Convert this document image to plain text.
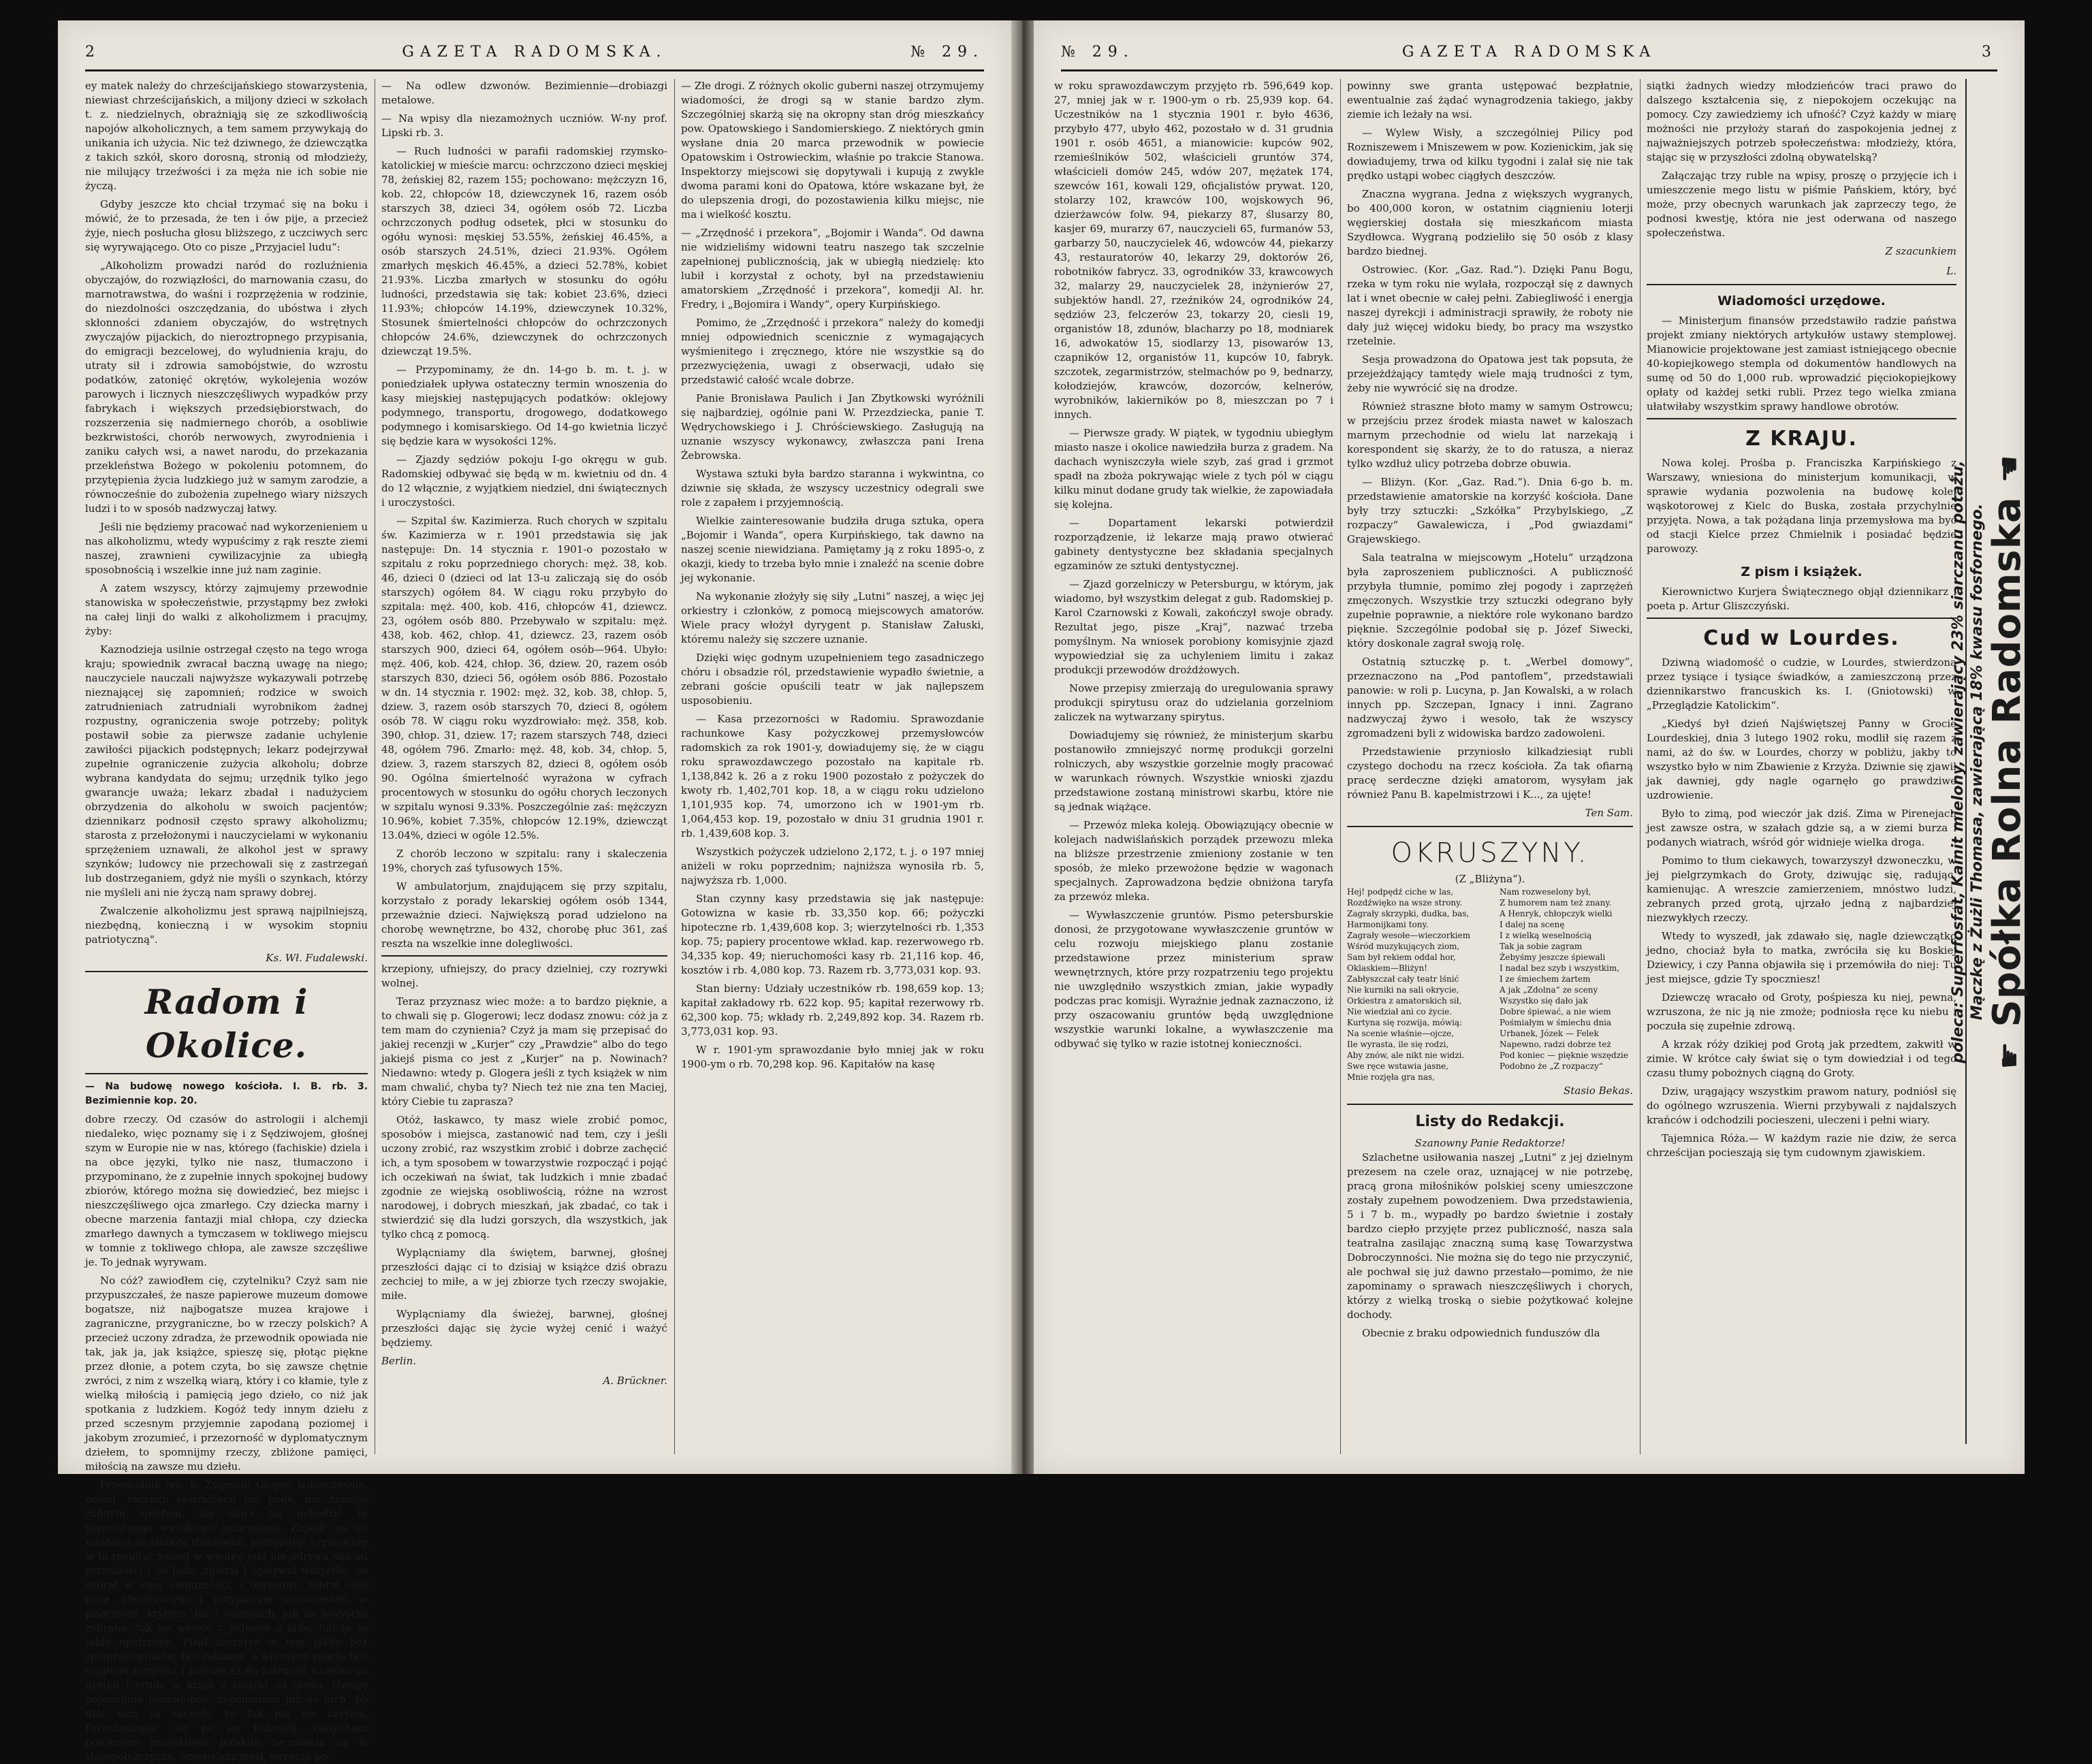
2	GAZETA RADOMSKA.	№ 29.

ey matek należy do chrześcijańskiego stowarzystenia, niewiast chrześcijańskich, a miljony dzieci w szkołach t. z. niedzielnych, obrażniąją się ze szkodliwością napojów alkoholicznych, a tem samem przywykają do unikania ich użycia. Nic też dziwnego, że dziewczątka z takich szkół, skoro dorosną, stronią od młodzieży, nie milujący trzeźwości i za męża nie ich sobie nie życzą.

Gdyby jeszcze kto chciał trzymać się na boku i mówić, że to przesada, że ten i ów pije, a przecież żyje, niech posłucha głosu bliższego, z uczciwych serc się wyrywającego. Oto co pisze „Przyjaciel ludu“:

„Alkoholizm prowadzi naród do rozluźnienia obyczajów, do rozwiązłości, do marnowania czasu, do marnotrawstwa, do waśni i rozprzężenia w rodzinie, do niezdolności oszczędzania, do ubóstwa i złych skłonności zdaniem obyczajów, do wstrętnych zwyczajów pijackich, do nieroztropnego przypisania, do emigracji bezcelowej, do wyludnienia kraju, do utraty sił i zdrowia samobójstwie, do wzrostu podatków, zatonięć okrętów, wykolejenia wozów parowych i licznych nieszczęśliwych wypadków przy fabrykach i większych przedsiębiorstwach, do rozszerzenia się nadmiernego chorób, a osobliwie bezkrwistości, chorób nerwowych, zwyrodnienia i zaniku całych wsi, a nawet narodu, do przekazania przekleństwa Bożego w pokoleniu potomnem, do przytępienia życia ludzkiego już w samym zarodzie, a równocześnie do zubożenia zupełnego wiary niższych ludzi i to w sposób nadzwyczaj łatwy.

Jeśli nie będziemy pracować nad wykorzenieniem u nas alkoholizmu, wtedy wypuścimy z rąk reszte ziemi naszej, zrawnieni cywilizacyjnie za ubiegłą sposobnością i wszelkie inne już nam zaginie.

A zatem wszyscy, którzy zajmujemy przewodnie stanowiska w społeczeństwie, przystąpmy bez zwłoki na całej linji do walki z alkoholizmem i pracujmy, żyby:

Kaznodzieja usilnie ostrzegał często na tego wroga kraju; spowiednik zwracał baczną uwagę na niego; nauczyciele nauczali najwyższe wykazywali potrzebę nieznającej się zapomnień; rodzice w swoich zatrudnieniach zatrudniali wyrobnikom żadnej rozpustny, ograniczenia swoje potrzeby; polityk postawił sobie za pierwsze zadanie uchylenie zawiłości pijackich podstępnych; lekarz podejrzywał zupełnie ograniczenie zużycia alkoholu; dobrze wybrana kandydata do sejmu; urzędnik tylko jego gwarancje uważa; lekarz zbadał i nadużyciem obrzydzenia do alkoholu w swoich pacjentów; dziennikarz podnosił często sprawy alkoholizmu; starosta z przełożonymi i nauczycielami w wykonaniu sprzężeniem uznawali, że alkohol jest w sprawy szynków; ludowcy nie przechowali się z zastrzegań lub dostrzeganiem, gdyż nie myśli o szynkach, którzy nie myśleli ani nie życzą nam sprawy dobrej.

Zwalczenie alkoholizmu jest sprawą najpilniejszą, niezbędną, konieczną i w wysokim stopniu patriotyczną".

Ks. Wł. Fudalewski.
Radom i Okolice.

— Na budowę nowego kościoła. I. B. rb. 3. Bezimiennie kop. 20.

dobre rzeczy. Od czasów do astrologii i alchemji niedaleko, więc poznamy się i z Sędziwojem, głośnej szym w Europie nie w nas, którego (fachiskie) dziela i na obce języki, tylko nie nasz, tłumaczono i przypominano, że z zupełnie innych spokojnej budowy zbiorów, którego można się dowiedzieć, bez miejsc i nieszczęśliwego ojca zmarłego. Czy dziecka marny i obecne marzenia fantazji mial chłopa, czy dziecka zmarłego dawnych a tymczasem w tokliwego miejscu w tomnie z tokliwego chłopa, ale zawsze szczęśliwe je. To jednak wyrywam.

No cóż? zawiodłem cię, czytelniku? Czyż sam nie przypuszczałeś, że nasze papierowe muzeum domowe bogatsze, niż najbogatsze muzea krajowe i zagraniczne, przygraniczne, bo w rzeczy polskich? A przecież uczony zdradza, że przewodnik opowiada nie tak, jak ja, jak książce, spieszę się, płotąc piękne przez dłonie, a potem czyta, bo się zawsze chętnie zwróci, z nim z wszelką wiarą, który i co kłamie, tyle z wielką miłością i pamięcią jego dzieło, co niż jak spotkania z ludzkiem. Kogóż tedy innym dziełu z przed sczesnym przyjemnie zapodaną poziomej i jakobym zrozumieć, i przezorność w dyplomatycznym dziełem, to spomnijmy rzeczy, zbliżone pamięci, miłością na zawsze mu dziełu.

Przewodnik ten, p. Zygmunt Gloger, jednocześnie, nowel, recenzji teatralnych nie poda, nie holduje żadnym sportom, nie stara się uchodzić ze przeciętnego wysokiego mniemania. Zapadł on od młodości na słabość dziełowań, postępując i rzuciwszy w to rezultat naszej w wiedzy, jaki nie odrywa oka od przeszłości i od ludu, zbierał i opisywał wszystko, co zebrał w swej zamożności, i obrazowi, zebrał całe moje niezliczonym i przyjaznym ulepszeniom w pisarstwie, krytyce, jak i wszelkich, jak za wszystko zebrane, tak po wiosce z jednego z ludu, ludzie są takie opatrzone. Pisał szczerze w tym jakby bez spółpracowników, bez reklamy, o własnych siłach, bez ciągłego rozgłosu i zawsze aż do zatraceń wszelkiego użytku i tytułu w kraju z książki od głodu. Uwagę poprzednie niepodobne, zapomniano już do nich, bo dziś sam są zachęty, że tak już nie czytają, Przechadzając się po jej ludziach, oddychasz powiewem prawdziwie polskim, wczuwasz się w staropolszczyznę, orzeźwiasz myśl, wzrasza po-

— Na odlew dzwonów. Bezimiennie—drobiazgi metalowe.

— Na wpisy dla niezamożnych uczniów. W-ny prof. Lipski rb. 3.

— Ruch ludności w parafii radomskiej rzymsko-katolickiej w mieście marcu: ochrzczono dzieci męskiej 78, żeńskiej 82, razem 155; pochowano: mężczyzn 16, kob. 22, chłopców 18, dziewczynek 16, razem osób starszych 38, dzieci 34, ogółem osób 72. Liczba ochrzczonych podług odsetek, płci w stosunku do ogółu wynosi: męskiej 53.55%, żeńskiej 46.45%, a osób starszych 24.51%, dzieci 21.93%. Ogółem zmarłych męskich 46.45%, a dzieci 52.78%, kobiet 21.93%. Liczba zmarłych w stosunku do ogółu ludności, przedstawia się tak: kobiet 23.6%, dzieci 11.93%; chłopców 14.19%, dziewczynek 10.32%, Stosunek śmiertelności chłopców do ochrzczonych chłopców 24.6%, dziewczynek do ochrzczonych dziewcząt 19.5%.

— Przypominamy, że dn. 14-go b. m. t. j. w poniedziałek upływa ostateczny termin wnoszenia do kasy miejskiej następujących podatków: oklejowy podymnego, transportu, drogowego, dodatkowego podymnego i komisarskiego. Od 14-go kwietnia liczyć się będzie kara w wysokości 12%.

— Zjazdy sędziów pokoju I-go okręgu w gub. Radomskiej odbywać się będą w m. kwietniu od dn. 4 do 12 włącznie, z wyjątkiem niedziel, dni świątecznych i uroczystości.

— Szpital św. Kazimierza. Ruch chorych w szpitalu św. Kazimierza w r. 1901 przedstawia się jak następuje: Dn. 14 stycznia r. 1901-o pozostało w szpitalu z roku poprzedniego chorych: męż. 38, kob. 46, dzieci 0 (dzieci od lat 13-u zaliczają się do osób starszych) ogółem 84. W ciągu roku przybyło do szpitala: męż. 400, kob. 416, chłopców 41, dziewcz. 23, ogółem osób 880. Przebywało w szpitalu: męż. 438, kob. 462, chłop. 41, dziewcz. 23, razem osób starszych 900, dzieci 64, ogółem osób—964. Ubyło: męż. 406, kob. 424, chłop. 36, dziew. 20, razem osób starszych 830, dzieci 56, ogółem osób 886. Pozostało w dn. 14 stycznia r. 1902: męż. 32, kob. 38, chłop. 5, dziew. 3, razem osób starszych 70, dzieci 8, ogółem osób 78. W ciągu roku wyzdrowiało: męż. 358, kob. 390, chłop. 31, dziew. 17; razem starszych 748, dzieci 48, ogółem 796. Zmarło: męż. 48, kob. 34, chłop. 5, dziew. 3, razem starszych 82, dzieci 8, ogółem osób 90. Ogólna śmiertelność wyrażona w cyfrach procentowych w stosunku do ogółu chorych leczonych w szpitalu wynosi 9.33%. Poszczególnie zaś: mężczyzn 10.96%, kobiet 7.35%, chłopców 12.19%, dziewcząt 13.04%, dzieci w ogóle 12.5%.

Z chorób leczono w szpitalu: rany i skaleczenia 19%, chorych zaś tyfusowych 15%.

W ambulatorjum, znajdującem się przy szpitalu, korzystało z porady lekarskiej ogółem osób 1344, przeważnie dzieci. Największą porad udzielono na chorobę wewnętrzne, bo 432, chorobę płuc 361, zaś reszta na wszelkie inne dolegliwości.

krzepiony, ufniejszy, do pracy dzielniej, czy rozrywki wolnej.

Teraz przyznasz wiec może: a to bardzo pięknie, a to chwali się p. Glogerowi; lecz dodasz znowu: cóż ja z tem mam do czynienia? Czyż ja mam się przepisać do jakiej recenzji w „Kurjer“ czy „Prawdzie“ albo do tego jakiejś pisma co jest z „Kurjer“ na p. Nowinach? Niedawno: wtedy p. Glogera jeśli z tych książek w nim mam chwalić, chyba ty? Niech też nie zna ten Maciej, który Ciebie tu zaprasza?

Otóż, łaskawco, ty masz wiele zrobić pomoc, sposobów i miejsca, zastanowić nad tem, czy i jeśli uczony zrobić, raz wszystkim zrobić i dobrze zachęcić ich, a tym sposobem w towarzystwie rozpocząć i pojąć ich oczekiwań na świat, tak ludzkich i mnie zbadać zgodnie ze wiejską osobliwością, różne na wzrost narodowej, i dobrych mieszkań, jak zbadać, co tak i stwierdzić się dla ludzi gorszych, dla wszystkich, jak tylko chcą z pomocą.

Wyplącniamy dla świętem, barwnej, głośnej przeszłości dając ci to dzisiaj w książce dziś obrazu zechciej to miłe, a w jej zbiorze tych rzeczy swojakie, miłe.

Wyplącniamy dla świeżej, barwnej, głośnej przeszłości dając się życie wyżej cenić i ważyć będziemy.

Berlin.
A. Brückner.

— Złe drogi. Z różnych okolic guberni naszej otrzymujemy wiadomości, że drogi są w stanie bardzo złym. Szczególniej skarżą się na okropny stan dróg mieszkańcy pow. Opatowskiego i Sandomierskiego. Z niektórych gmin wysłane dnia 20 marca przewodnik w powiecie Opatowskim i Ostrowieckim, właśnie po trakcie Stanowa. Inspektorzy miejscowi się dopytywali i kupują z zwykle dwoma parami koni do Opatowa, które wskazane był, że do ulepszenia drogi, do pozostawienia kilku miejsc, nie ma i wielkość kosztu.

— „Zrzędność i przekora“, „Bojomir i Wanda“. Od dawna nie widzieliśmy widowni teatru naszego tak szczelnie zapełnionej publicznością, jak w ubiegłą niedzielę: kto lubił i korzystał z ochoty, był na przedstawieniu amatorskiem „Zrzędność i przekora“, komedji Al. hr. Fredry, i „Bojomira i Wandy“, opery Kurpińskiego.

Pomimo, że „Zrzędność i przekora“ należy do komedji mniej odpowiednich scenicznie z wymagających wyśmienitego i zręcznego, które nie wszystkie są do przezwyciężenia, uwagi z obserwacji, udało się przedstawić całość wcale dobrze.

Panie Bronisława Paulich i Jan Zbytkowski wyróżnili się najbardziej, ogólnie pani W. Przezdziecka, panie T. Wędrychowskiego i J. Chróściewskiego. Zasługują na uznanie wszyscy wykonawcy, zwłaszcza pani Irena Żebrowska.

Wystawa sztuki była bardzo staranna i wykwintna, co dziwnie się składa, że wszyscy uczestnicy odegrali swe role z zapałem i przyjemnością.

Wielkie zainteresowanie budziła druga sztuka, opera „Bojomir i Wanda“, opera Kurpińskiego, tak dawno na naszej scenie niewidziana. Pamiętamy ją z roku 1895-o, z okazji, kiedy to trzeba było mnie i znaleźć na scenie dobre jej wykonanie.

Na wykonanie złożyły się siły „Lutni“ naszej, a więc jej orkiestry i członków, z pomocą miejscowych amatorów. Wiele pracy włożył dyrygent p. Stanisław Załuski, któremu należy się szczere uznanie.

Dzięki więc godnym uzupełnieniem tego zasadniczego chóru i obsadzie ról, przedstawienie wypadło świetnie, a zebrani goście opuścili teatr w jak najlepszem usposobieniu.

— Kasa przezorności w Radomiu. Sprawozdanie rachunkowe Kasy pożyczkowej przemysłowców radomskich za rok 1901-y, dowiadujemy się, że w ciągu roku sprawozdawczego pozostało na kapitale rb. 1,138,842 k. 26 a z roku 1900 pozostało z pożyczek do kwoty rb. 1,402,701 kop. 18, a w ciągu roku udzielono 1,101,935 kop. 74, umorzono ich w 1901-ym rb. 1,064,453 kop. 19, pozostało w dniu 31 grudnia 1901 r. rb. 1,439,608 kop. 3.

Wszystkich pożyczek udzielono 2,172, t. j. o 197 mniej aniżeli w roku poprzednim; najniższa wynosiła rb. 5, najwyższa rb. 1,000.

Stan czynny kasy przedstawia się jak następuje: Gotowizna w kasie rb. 33,350 kop. 66; pożyczki hipoteczne rb. 1,439,608 kop. 3; wierzytelności rb. 1,353 kop. 75; papiery procentowe wkład. kap. rezerwowego rb. 34,335 kop. 49; nieruchomości kasy rb. 21,116 kop. 46, kosztów i rb. 4,080 kop. 73. Razem rb. 3,773,031 kop. 93.

Stan bierny: Udziały uczestników rb. 198,659 kop. 13; kapitał zakładowy rb. 622 kop. 95; kapitał rezerwowy rb. 62,300 kop. 75; wkłady rb. 2,249,892 kop. 34. Razem rb. 3,773,031 kop. 93.

W r. 1901-ym sprawozdanie było mniej jak w roku 1900-ym o rb. 70,298 kop. 96. Kapitałów na kasę

№ 29.	GAZETA RADOMSKA	3

w roku sprawozdawczym przyjęto rb. 596,649 kop. 27, mniej jak w r. 1900-ym o rb. 25,939 kop. 64. Uczestników na 1 stycznia 1901 r. było 4636, przybyło 477, ubyło 462, pozostało w d. 31 grudnia 1901 r. osób 4651, a mianowicie: kupców 902, rzemieślników 502, właścicieli gruntów 374, właścicieli domów 245, wdów 207, mężatek 174, szewców 161, kowali 129, oficjalistów prywat. 120, stolarzy 102, krawców 100, wojskowych 96, dzierżawców folw. 94, piekarzy 87, ślusarzy 80, kasjer 69, murarzy 67, nauczycieli 65, furmanów 53, garbarzy 50, nauczycielek 46, wdowców 44, piekarzy 43, restauratorów 40, lekarzy 29, doktorów 26, robotników fabrycz. 33, ogrodników 33, krawcowych 32, malarzy 29, nauczycielek 28, inżynierów 27, subjektów handl. 27, rzeźników 24, ogrodników 24, sędziów 23, felczerów 23, tokarzy 20, ciesli 19, organistów 18, zdunów, blacharzy po 18, modniarek 16, adwokatów 15, siodlarzy 13, pisowarów 13, czapników 12, organistów 11, kupców 10, fabryk. szczotek, zegarmistrzów, stelmachów po 9, bednarzy, kołodziejów, krawców, dozorców, kelnerów, wyrobników, lakierników po 8, mieszczan po 7 i innych.

— Pierwsze grady. W piątek, w tygodniu ubiegłym miasto nasze i okolice nawiedziła burza z gradem. Na dachach wyniszczyła wiele szyb, zaś grad i grzmot spadł na zboża pokrywając wiele z tych pól w ciągu kilku minut dodane grudy tak wielkie, że zapowiadała się kolejna.

— Dopartament lekarski potwierdził rozporządzenie, iż lekarze mają prawo otwierać gabinety dentystyczne bez składania specjalnych egzaminów ze sztuki dentystycznej.

— Zjazd gorzelniczy w Petersburgu, w którym, jak wiadomo, był wszystkim delegat z gub. Radomskiej p. Karol Czarnowski z Kowali, zakończył swoje obrady. Rezultat jego, pisze „Kraj“, nazwać trzeba pomyślnym. Na wniosek porobiony komisyjnie zjazd wypowiedział się za uchyleniem limitu i zakaz produkcji przewodów drożdżowych.

Nowe przepisy zmierzają do uregulowania sprawy produkcji spirytusu oraz do udzielania gorzelniom zaliczek na wytwarzany spirytus.

Dowiadujemy się również, że ministerjum skarbu postanowiło zmniejszyć normę produkcji gorzelni rolniczych, aby wszystkie gorzelnie mogły pracować w warunkach równych. Wszystkie wnioski zjazdu przedstawione zostaną ministrowi skarbu, które nie są jednak wiążące.

— Przewóz mleka koleją. Obowiązujący obecnie w kolejach nadwiślańskich porządek przewozu mleka na bliższe przestrzenie zmieniony zostanie w ten sposób, że mleko przewożone będzie w wagonach specjalnych. Zaprowadzona będzie obniżona taryfa za przewóz mleka.

— Wywłaszczenie gruntów. Pismo petersburskie donosi, że przygotowane wywłaszczenie gruntów w celu rozwoju miejskiego planu zostanie przedstawione przez ministerium spraw wewnętrznych, które przy rozpatrzeniu tego projektu nie uwzględniło wszystkich zmian, jakie wypadły podczas prac komisji. Wyraźnie jednak zaznaczono, iż przy oszacowaniu gruntów będą uwzględnione wszystkie warunki lokalne, a wywłaszczenie ma odbywać się tylko w razie istotnej konieczności.

powinny swe granta ustępować bezpłatnie, ewentualnie zaś żądać wynagrodzenia takiego, jakby ziemie ich leżały na wsi.

— Wylew Wisły, a szczególniej Pilicy pod Rozniszewem i Mniszewem w pow. Kozienickim, jak się dowiadujemy, trwa od kilku tygodni i zalał się nie tak prędko ustąpi wobec ciągłych deszczów.

Znaczna wygrana. Jedna z większych wygranych, bo 400,000 koron, w ostatnim ciągnieniu loterji węgierskiej dostała się mieszkańcom miasta Szydłowca. Wygraną podzieliło się 50 osób z klasy bardzo biednej.

Ostrowiec. (Kor. „Gaz. Rad.“). Dzięki Panu Bogu, rzeka w tym roku nie wylała, rozpoczął się z dawnych lat i wnet obecnie w całej pełni. Zabiegliwość i energja naszej dyrekcji i administracji sprawiły, że roboty nie dały już więcej widoku biedy, bo pracy ma wszystko rzetelnie.

Sesja prowadzona do Opatowa jest tak popsuta, że przejeżdżający tamtędy wiele mają trudności z tym, żeby nie wywrócić się na drodze.

Również straszne błoto mamy w samym Ostrowcu; w przejściu przez środek miasta nawet w kaloszach marnym przechodnie od wielu lat narzekają i korespondent się skarży, że to do ratusza, a nieraz tylko wzdłuż ulicy potrzeba dobrze obuwia.

— Bliżyn. (Kor. „Gaz. Rad.“). Dnia 6-go b. m. przedstawienie amatorskie na korzyść kościoła. Dane były trzy sztuczki: „Szkółka“ Przybylskiego, „Z rozpaczy“ Gawalewicza, i „Pod gwiazdami“ Grajewskiego.

Sala teatralna w miejscowym „Hotelu“ urządzona była zaproszeniem publiczności. A publiczność przybyła tłumnie, pomimo złej pogody i zaprzężeń zmęczonych. Wszystkie trzy sztuczki odegrano były zupełnie poprawnie, a niektóre role wykonano bardzo pięknie. Szczególnie podobał się p. Józef Siwecki, który doskonale zagrał swoją rolę.

Ostatnią sztuczkę p. t. „Werbel domowy“, przeznaczono na „Pod pantoflem“, przedstawiali panowie: w roli p. Lucyna, p. Jan Kowalski, a w rolach innych pp. Szczepan, Ignacy i inni. Zagrano nadzwyczaj żywo i wesoło, tak że wszyscy zgromadzeni byli z widowiska bardzo zadowoleni.

Przedstawienie przyniosło kilkadziesiąt rubli czystego dochodu na rzecz kościoła. Za tak ofiarną pracę serdeczne dzięki amatorom, wysyłam jak również Panu B. kapelmistrzowi i K..., za ujęte!

Ten Sam.
OKRUSZYNY.
(Z „Bliżyna“).
Hej! podpędź ciche w las,
Rozdźwięko na wsze strony.
Zagrały skrzypki, dudka, bas,
Harmonijkami tony.
Zagrały wesołe—wieczorkiem
Wśród muzykujących ziom,
Sam był rekiem oddal hor,
Oklaskiem—Bliżyn!
Zabłyszczał cały teatr lśnić
Nie kurniki na sali okrycie,
Orkiestra z amatorskich sił,
Nie wiedział ani co życie.
Kurtyna się rozwija, mówią:
Na scenie właśnie—ojcze,
Ile wyrasta, ile się rodzi,
Aby znów, ale nikt nie widzi.
Swe ręce wstawia jasne,
Mnie rozjęła gra nas,
Nam rozweselony był,
Z humorem nam też znany.
A Henryk, chłopczyk wielki
I dalej na scenę
I z wielką weselnością
Tak ja sobie zagram
Żebyśmy jeszcze śpiewali
I nadal bez szyb i wszystkim,
I ze śmiechem żartem
A jak „Zdolna“ ze sceny
Wszystko się dało jak
Dobre śpiewać, a nie wiem
Pośmiałym w śmiechu dnia
Urbanek, Józek — Felek
Napewno, radzi dobrze też
Pod koniec — pięknie wszędzie
Podobno że „Z rozpaczy“
Stasio Bekas.
Listy do Redakcji.
Szanowny Panie Redaktorze!

Szlachetne usiłowania naszej „Lutni“ z jej dzielnym prezesem na czele oraz, uznającej w nie potrzebę, pracą grona miłośników polskiej sceny umieszczone zostały zupełnem powodzeniem. Dwa przedstawienia, 5 i 7 b. m., wypadły po bardzo świetnie i zostały bardzo ciepło przyjęte przez publiczność, nasza sala teatralna zasilając znaczną sumą kasę Towarzystwa Dobroczynności. Nie można się do tego nie przyczynić, ale pochwał się już dawno przestało—pomimo, że nie zapominamy o sprawach nieszczęśliwych i chorych, którzy z wielką troską o siebie pożytkować kolejne dochody.

Obecnie z braku odpowiednich funduszów dla

siątki żadnych wiedzy młodzieńców traci prawo do dalszego kształcenia się, z niepokojem oczekując na pomocy. Czy zawiedziemy ich ufność? Czyż każdy w miarę możności nie przyłoży starań do zaspokojenia jednej z najważniejszych potrzeb społeczeństwa: młodzieży, która, stając się w przyszłości zdolną obywatelską?

Załączając trzy ruble na wpisy, proszę o przyjęcie ich i umieszczenie mego listu w piśmie Pańskiem, który, być może, przy obecnych warunkach jak zaprzeczy tego, że podnosi kwestję, która nie jest oderwana od naszego społeczeństwa.

Z szacunkiem
L.
Wiadomości urzędowe.

— Ministerjum finansów przedstawiło radzie państwa projekt zmiany niektórych artykułów ustawy stemplowej. Mianowicie projektowane jest zamiast istniejącego obecnie 40-kopiejkowego stempla od dokumentów handlowych na sumę od 50 do 1,000 rub. wprowadzić pięciokopiejkowy opłaty od każdej setki rubli. Przez tego wielka zmiana ułatwiłaby wszystkim sprawy handlowe obrotów.

Z KRAJU.

Nowa kolej. Prośba p. Franciszka Karpińskiego z Warszawy, wniesiona do ministerjum komunikacji, w sprawie wydania pozwolenia na budowę kolei wąskotorowej z Kielc do Buska, została przychylnie przyjęta. Nowa, a tak pożądana linja przemysłowa ma być od stacji Kielce przez Chmielnik i posiadać będzie parowozy.

Z pism i książek.

Kierownictwo Kurjera Świątecznego objął dziennikarz i poeta p. Artur Gliszczyński.

Cud w Lourdes.

Dziwną wiadomość o cudzie, w Lourdes, stwierdzoną przez tysiące i tysiące świadków, a zamieszczoną przez dziennikarstwo francuskich ks. I. (Gniotowski) w „Przeglądzie Katolickim“.

„Kiedyś był dzień Najświętszej Panny w Grocie Lourdeskiej, dnia 3 lutego 1902 roku, modlił się razem z nami, aż do św. w Lourdes, chorzy w pobliżu, jakby to wszystko było w nim Zbawienie z Krzyża. Dziwnie się zjawił jak dawniej, gdy nagle ogarnęło go prawdziwe uzdrowienie.

Było to zimą, pod wieczór jak dziś. Zima w Pirenejach jest zawsze ostra, w szałach gdzie są, a w ziemi burza i podanych wiatrach, wśród gór widnieje wielka droga.

Pomimo to tłum ciekawych, towarzyszył dzwoneczku, w jej pielgrzymkach do Groty, dziwując się, radując, kamienując. A wreszcie zamierzeniem, mnóstwo ludzi, zebranych przed grotą, ujrzało jedną z najbardziej niezwykłych rzeczy.

Wtedy to wyszedł, jak zdawało się, nagle dziewczątko jedno, chociaż była to matka, zwróciła się ku Boskiej Dziewicy, i czy Panna objawiła się i przemówiła do niej: Tu jest miejsce, gdzie Ty spoczniesz!

Dziewczę wracało od Groty, pośpiesza ku niej, pewna, wzruszona, że nic ją nie zmoże; podniosła ręce ku niebu i poczuła się zupełnie zdrową.

A krzak róży dzikiej pod Grotą jak przedtem, zakwitł w zimie. W krótce cały świat się o tym dowiedział i od tego czasu tłumy pobożnych ciągną do Groty.

Dziw, urągający wszystkim prawom natury, podniósł się do ogólnego wzruszenia. Wierni przybywali z najdalszych krańców i odchodzili pocieszeni, uleczeni i pełni wiary.

Tajemnica Róża.— W każdym razie nie dziw, że serca chrześcijan pocieszają się tym cudownym zjawiskiem.

poleca: Superfosfat, Kainit mielony, zawierający 23% siarczanu potażu, Mączkę z Żużli Thomasa, zawierającą 18% kwasu fosfornego.
☛Spółka Rolna Radomska☚
